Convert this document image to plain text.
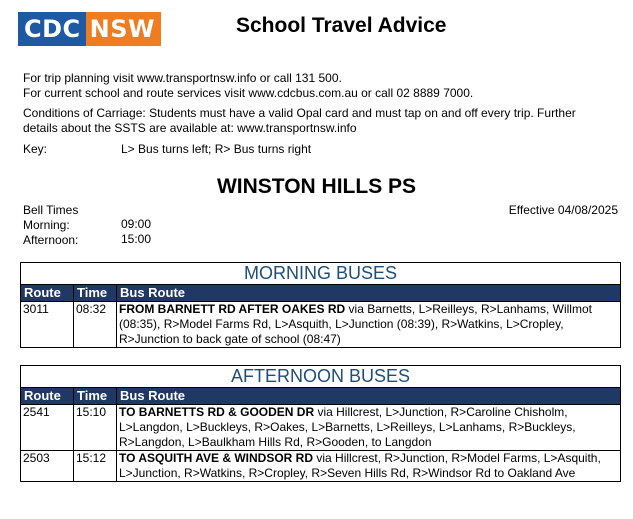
CDC NSW	School Travel Advice
For trip planning visit www.transportnsw.info or call 131 500.
For current school and route services visit www.cdcbus.com.au or call 02 8889 7000.
Conditions of Carriage: Students must have a valid Opal card and must tap on and off every trip. Further
details about the SSTS are available at: www.transportnsw.info
Key:	L> Bus turns left; R> Bus turns right
WINSTON HILLS PS
Effective 04/08/2025
Bell Times
Morning:	09:00
Afternoon:	15:00
MORNING BUSES		
Route	Time	Bus Route
3011	08:32	FROM BARNETT RD AFTER OAKES RD via Barnetts, L>Reilleys, R>Lanhams, Willmot
(08:35), R>Model Farms Rd, L>Asquith, L>Junction (08:39), R>Watkins, L>Cropley,
R>Junction to back gate of school (08:47)
AFTERNOON BUSES		
Route	Time	Bus Route
2541	15:10	TO BARNETTS RD & GOODEN DR via Hillcrest, L>Junction, R>Caroline Chisholm,
L>Langdon, L>Buckleys, R>Oakes, L>Barnetts, L>Reilleys, L>Lanhams, R>Buckleys,
R>Langdon, L>Baulkham Hills Rd, R>Gooden, to Langdon
2503	15:12	TO ASQUITH AVE & WINDSOR RD via Hillcrest, R>Junction, R>Model Farms, L>Asquith,
L>Junction, R>Watkins, R>Cropley, R>Seven Hills Rd, R>Windsor Rd to Oakland Ave
